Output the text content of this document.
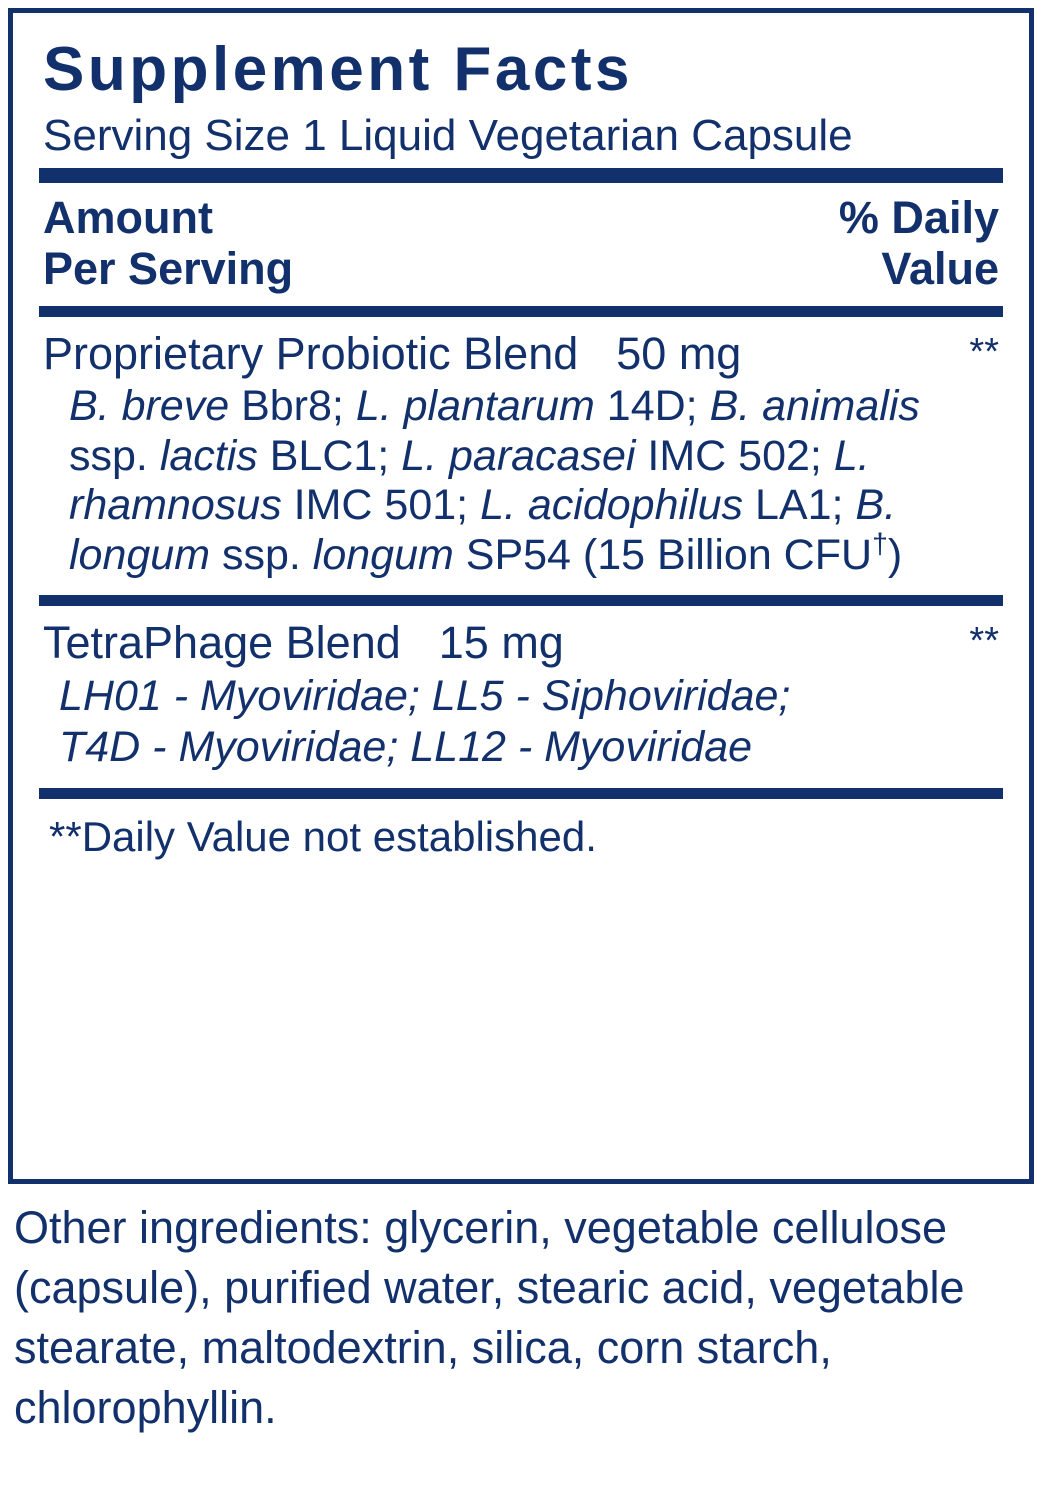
Supplement Facts
Serving Size 1 Liquid Vegetarian Capsule
Amount
Per Serving
% Daily
Value
Proprietary Probiotic Blend 50 mg	**
B. breve Bbr8; L. plantarum 14D; B. animalis ssp. lactis BLC1; L. paracasei IMC 502; L. rhamnosus IMC 501; L. acidophilus LA1; B. longum ssp. longum SP54 (15 Billion CFU†)
TetraPhage Blend 15 mg	**
LH01 - Myoviridae; LL5 - Siphoviridae;
T4D - Myoviridae; LL12 - Myoviridae
**Daily Value not established.
Other ingredients: glycerin, vegetable cellulose (capsule), purified water, stearic acid, vegetable stearate, maltodextrin, silica, corn starch, chlorophyllin.
